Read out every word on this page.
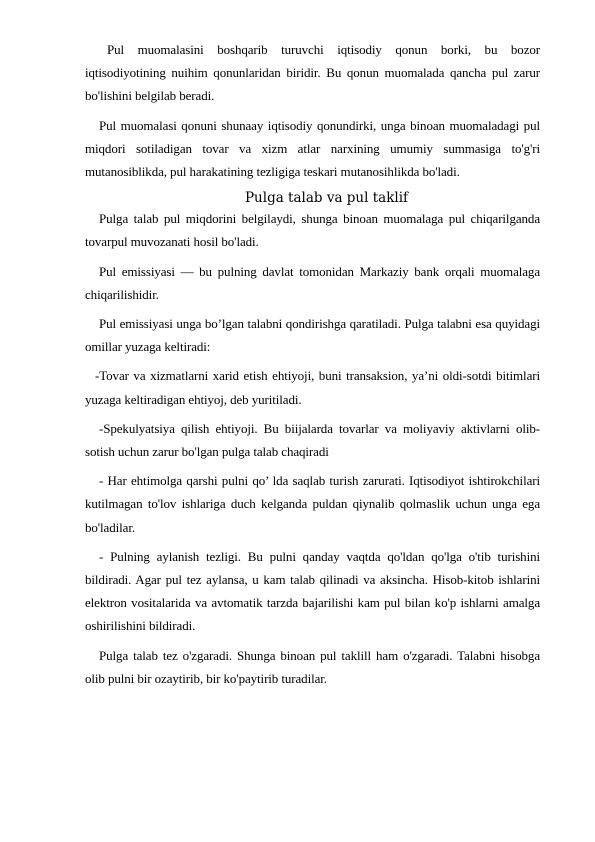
Pul muomalasini boshqarib turuvchi iqtisodiy qonun borki, bu bozor iqtisodiyotining nuihim qonunlaridan biridir. Bu qonun muomalada qancha pul zarur bo'lishini belgilab beradi.

Pul muomalasi qonuni shunaay iqtisodiy qonundirki, unga binoan muomaladagi pul miqdori sotiladigan tovar va xizm atlar narxining umumiy summasiga to'g'ri mutanosiblikda, pul harakatining tezligiga teskari mutanosihlikda bo'ladi.

Pulga talab va pul taklif

Pulga talab pul miqdorini belgilaydi, shunga binoan muomalaga pul chiqarilganda tovarpul muvozanati hosil bo'ladi.

Pul emissiyasi — bu pulning davlat tomonidan Markaziy bank orqali muomalaga chiqarilishidir.

Pul emissiyasi unga bo’lgan talabni qondirishga qaratiladi. Pulga talabni esa quyidagi omillar yuzaga keltiradi:

-Tovar va xizmatlarni xarid etish ehtiyoji, buni transaksion, ya’ni oldi-sotdi bitimlari yuzaga keltiradigan ehtiyoj, deb yuritiladi.

-Spekulyatsiya qilish ehtiyoji. Bu biijalarda tovarlar va moliyaviy aktivlarni olib-sotish uchun zarur bo'lgan pulga talab chaqiradi

- Har ehtimolga qarshi pulni qo’ lda saqlab turish zarurati. Iqtisodiyot ishtirokchilari kutilmagan to'lov ishlariga duch kelganda puldan qiynalib qolmaslik uchun unga ega bo'ladilar.

- Pulning aylanish tezligi. Bu pulni qanday vaqtda qo'ldan qo'lga o'tib turishini bildiradi. Agar pul tez aylansa, u kam talab qilinadi va aksincha. Hisob-kitob ishlarini elektron vositalarida va avtomatik tarzda bajarilishi kam pul bilan ko'p ishlarni amalga oshirilishini bildiradi.

Pulga talab tez o'zgaradi. Shunga binoan pul taklill ham o'zgaradi. Talabni hisobga olib pulni bir ozaytirib, bir ko'paytirib turadilar.
